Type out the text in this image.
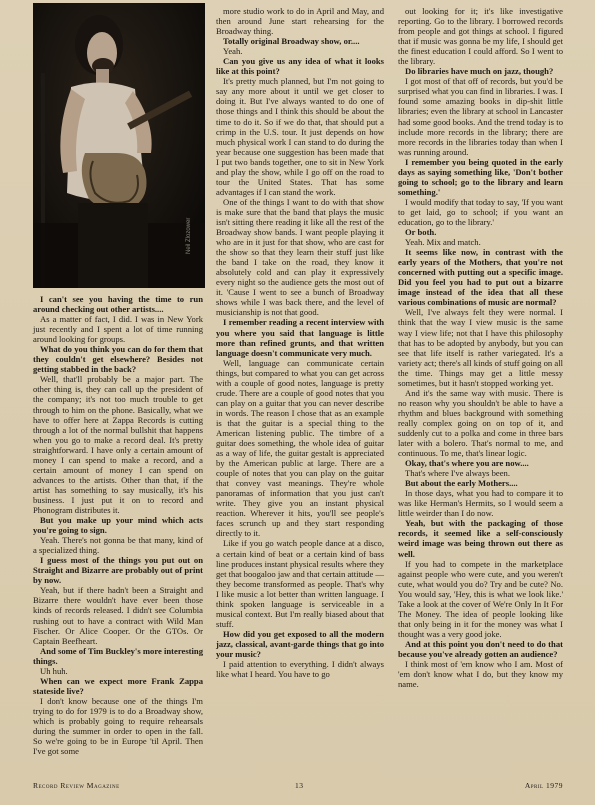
Neil Zlozower

I can't see you having the time to run around checking out other artists....

As a matter of fact, I did. I was in New York just recently and I spent a lot of time running around looking for groups.

What do you think you can do for them that they couldn't get elsewhere? Besides not getting stabbed in the back?

Well, that'll probably be a major part. The other thing is, they can call up the president of the company; it's not too much trouble to get through to him on the phone. Basically, what we have to offer here at Zappa Records is cutting through a lot of the normal bullshit that happens when you go to make a record deal. It's pretty straightforward. I have only a certain amount of money I can spend to make a record, and a certain amount of money I can spend on advances to the artists. Other than that, if the artist has something to say musically, it's his business. I just put it on to record and Phonogram distributes it.

But you make up your mind which acts you're going to sign.

Yeah. There's not gonna be that many, kind of a specialized thing.

I guess most of the things you put out on Straight and Bizarre are probably out of print by now.

Yeah, but if there hadn't been a Straight and Bizarre there wouldn't have ever been those kinds of records released. I didn't see Columbia rushing out to have a contract with Wild Man Fischer. Or Alice Cooper. Or the GTOs. Or Captain Beefheart.

And some of Tim Buckley's more interesting things.

Uh huh.

When can we expect more Frank Zappa stateside live?

I don't know because one of the things I'm trying to do for 1979 is to do a Broadway show, which is probably going to require rehearsals during the summer in order to open in the fall. So we're going to be in Europe 'til April. Then I've got some

more studio work to do in April and May, and then around June start rehearsing for the Broadway thing.

Totally original Broadway show, or....

Yeah.

Can you give us any idea of what it looks like at this point?

It's pretty much planned, but I'm not going to say any more about it until we get closer to doing it. But I've always wanted to do one of those things and I think this should be about the time to do it. So if we do that, that should put a crimp in the U.S. tour. It just depends on how much physical work I can stand to do during the year because one suggestion has been made that I put two bands together, one to sit in New York and play the show, while I go off on the road to tour the United States. That has some advantages if I can stand the work.

One of the things I want to do with that show is make sure that the band that plays the music isn't sitting there reading it like all the rest of the Broadway show bands. I want people playing it who are in it just for that show, who are cast for the show so that they learn their stuff just like the band I take on the road, they know it absolutely cold and can play it expressively every night so the audience gets the most out of it. 'Cause I went to see a bunch of Broadway shows while I was back there, and the level of musicianship is not that good.

I remember reading a recent interview with you where you said that language is little more than refined grunts, and that written language doesn't communicate very much.

Well, language can communicate certain things, but compared to what you can get across with a couple of good notes, language is pretty crude. There are a couple of good notes that you can play on a guitar that you can never describe in words. The reason I chose that as an example is that the guitar is a special thing to the American listening public. The timbre of a guitar does something, the whole idea of guitar as a way of life, the guitar gestalt is appreciated by the American public at large. There are a couple of notes that you can play on the guitar that convey vast meanings. They're whole panoramas of information that you just can't write. They give you an instant physical reaction. Wherever it hits, you'll see people's faces scrunch up and they start responding directly to it.

Like if you go watch people dance at a disco, a certain kind of beat or a certain kind of bass line produces instant physical results where they get that boogaloo jaw and that certain attitude — they become transformed as people. That's why I like music a lot better than written language. I think spoken language is serviceable in a musical context. But I'm really biased about that stuff.

How did you get exposed to all the modern jazz, classical, avant-garde things that go into your music?

I paid attention to everything. I didn't always like what I heard. You have to go

out looking for it; it's like investigative reporting. Go to the library. I borrowed records from people and got things at school. I figured that if music was gonna be my life, I should get the finest education I could afford. So I went to the library.

Do libraries have much on jazz, though?

I got most of that off of records, but you'd be surprised what you can find in libraries. I was. I found some amazing books in dip-shit little libraries; even the library at school in Lancaster had some good books. And the trend today is to include more records in the library; there are more records in the libraries today than when I was running around.

I remember you being quoted in the early days as saying something like, 'Don't bother going to school; go to the library and learn something.'

I would modify that today to say, 'If you want to get laid, go to school; if you want an education, go to the library.'

Or both.

Yeah. Mix and match.

It seems like now, in contrast with the early years of the Mothers, that you're not concerned with putting out a specific image. Did you feel you had to put out a bizarre image instead of the idea that all these various combinations of music are normal?

Well, I've always felt they were normal. I think that the way I view music is the same way I view life; not that I have this philosophy that has to be adopted by anybody, but you can see that life itself is rather variegated. It's a variety act; there's all kinds of stuff going on all the time. Things may get a little messy sometimes, but it hasn't stopped working yet.

And it's the same way with music. There is no reason why you shouldn't be able to have a rhythm and blues background with something really complex going on on top of it, and suddenly cut to a polka and come in three bars later with a bolero. That's normal to me, and continuous. To me, that's linear logic.

Okay, that's where you are now....

That's where I've always been.

But about the early Mothers....

In those days, what you had to compare it to was like Herman's Hermits, so I would seem a little weirder than I do now.

Yeah, but with the packaging of those records, it seemed like a self-consciously weird image was being thrown out there as well.

If you had to compete in the marketplace against people who were cute, and you weren't cute, what would you do? Try and be cute? No. You would say, 'Hey, this is what we look like.' Take a look at the cover of We're Only In It For The Money. The idea of people looking like that only being in it for the money was what I thought was a very good joke.

And at this point you don't need to do that because you've already gotten an audience?

I think most of 'em know who I am. Most of 'em don't know what I do, but they know my name.

Record Review Magazine	13	April 1979
